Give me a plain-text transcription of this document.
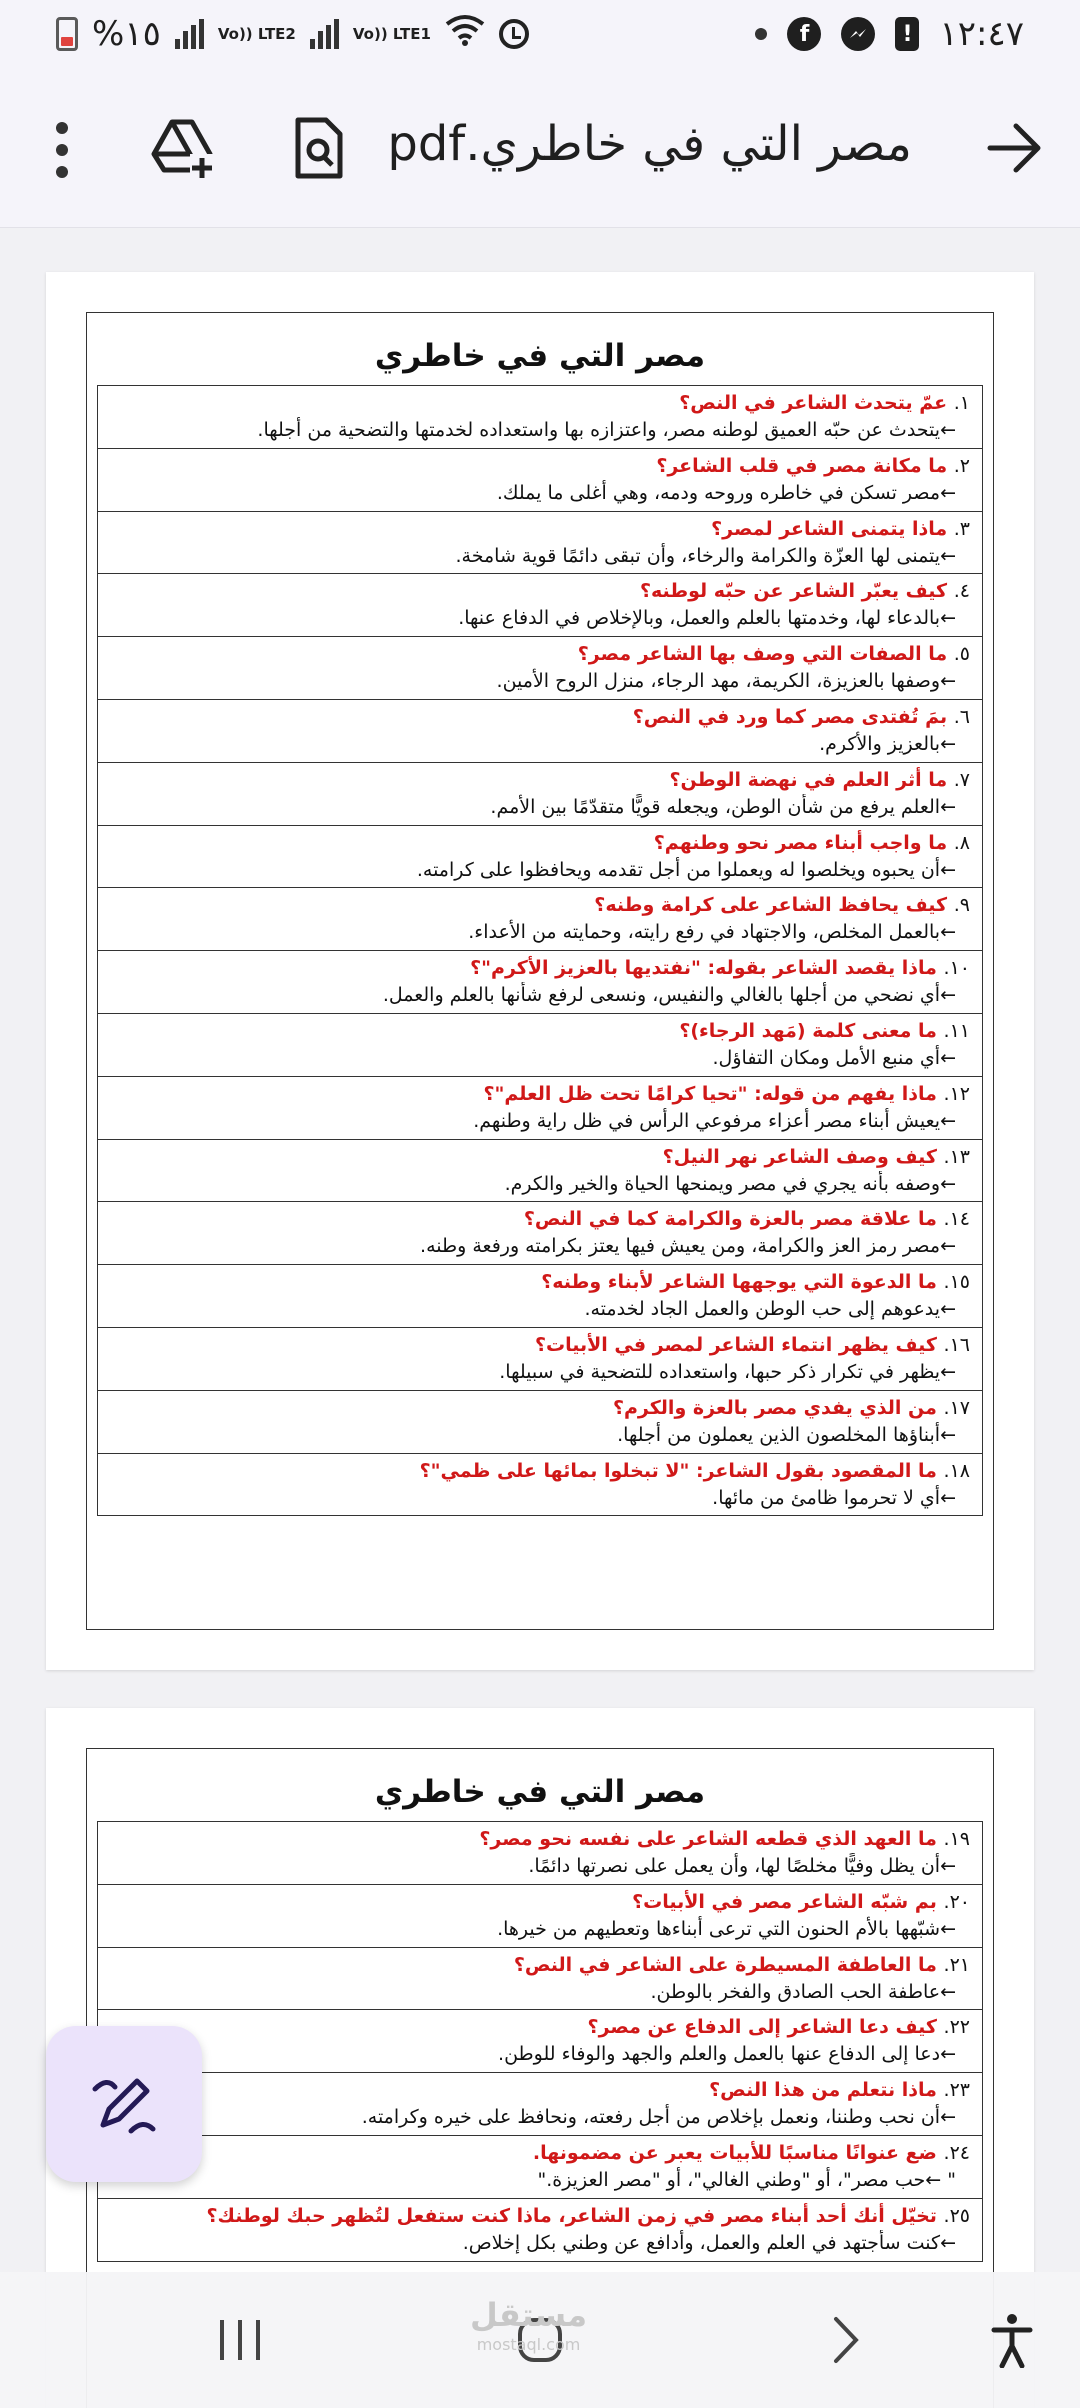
%١٥	Vo)) LTE2	Vo)) LTE1	f	! ١٢:٤٧
مصر التي في خاطري.pdf
مصر التي في خاطري
١. عمّ يتحدث الشاعر في النص؟
←يتحدث عن حبّه العميق لوطنه مصر، واعتزازه بها واستعداده لخدمتها والتضحية من أجلها.
٢. ما مكانة مصر في قلب الشاعر؟
←مصر تسكن في خاطره وروحه ودمه، وهي أغلى ما يملك.
٣. ماذا يتمنى الشاعر لمصر؟
←يتمنى لها العزّة والكرامة والرخاء، وأن تبقى دائمًا قوية شامخة.
٤. كيف يعبّر الشاعر عن حبّه لوطنه؟
←بالدعاء لها، وخدمتها بالعلم والعمل، وبالإخلاص في الدفاع عنها.
٥. ما الصفات التي وصف بها الشاعر مصر؟
←وصفها بالعزيزة، الكريمة، مهد الرجاء، منزل الروح الأمين.
٦. بمَ تُفتدى مصر كما ورد في النص؟
←بالعزيز والأكرم.
٧. ما أثر العلم في نهضة الوطن؟
←العلم يرفع من شأن الوطن، ويجعله قويًّا متقدّمًا بين الأمم.
٨. ما واجب أبناء مصر نحو وطنهم؟
←أن يحبوه ويخلصوا له ويعملوا من أجل تقدمه ويحافظوا على كرامته.
٩. كيف يحافظ الشاعر على كرامة وطنه؟
←بالعمل المخلص، والاجتهاد في رفع رايته، وحمايته من الأعداء.
١٠. ماذا يقصد الشاعر بقوله: "نفتديها بالعزيز الأكرم"؟
←أي نضحي من أجلها بالغالي والنفيس، ونسعى لرفع شأنها بالعلم والعمل.
١١. ما معنى كلمة (مَهد الرجاء)؟
←أي منبع الأمل ومكان التفاؤل.
١٢. ماذا يفهم من قوله: "تحيا كرامًا تحت ظل العلم"؟
←يعيش أبناء مصر أعزاء مرفوعي الرأس في ظل راية وطنهم.
١٣. كيف وصف الشاعر نهر النيل؟
←وصفه بأنه يجري في مصر ويمنحها الحياة والخير والكرم.
١٤. ما علاقة مصر بالعزة والكرامة كما في النص؟
←مصر رمز العز والكرامة، ومن يعيش فيها يعتز بكرامته ورفعة وطنه.
١٥. ما الدعوة التي يوجهها الشاعر لأبناء وطنه؟
←يدعوهم إلى حب الوطن والعمل الجاد لخدمته.
١٦. كيف يظهر انتماء الشاعر لمصر في الأبيات؟
←يظهر في تكرار ذكر حبها، واستعداده للتضحية في سبيلها.
١٧. من الذي يفدي مصر بالعزة والكرم؟
←أبناؤها المخلصون الذين يعملون من أجلها.
١٨. ما المقصود بقول الشاعر: "لا تبخلوا بمائها على ظمي"؟
←أي لا تحرموا ظامئ من مائها.
مصر التي في خاطري
١٩. ما العهد الذي قطعه الشاعر على نفسه نحو مصر؟
←أن يظل وفيًّا مخلصًا لها، وأن يعمل على نصرتها دائمًا.
٢٠. بم شبّه الشاعر مصر في الأبيات؟
←شبّهها بالأم الحنون التي ترعى أبناءها وتعطيهم من خيرها.
٢١. ما العاطفة المسيطرة على الشاعر في النص؟
←عاطفة الحب الصادق والفخر بالوطن.
٢٢. كيف دعا الشاعر إلى الدفاع عن مصر؟
←دعا إلى الدفاع عنها بالعمل والعلم والجهد والوفاء للوطن.
٢٣. ماذا نتعلم من هذا النص؟
←أن نحب وطننا، ونعمل بإخلاص من أجل رفعته، ونحافظ على خيره وكرامته.
٢٤. ضع عنوانًا مناسبًا للأبيات يعبر عن مضمونها.
" ←حب مصر"، أو "وطني الغالي"، أو "مصر العزيزة."
٢٥. تخيّل أنك أحد أبناء مصر في زمن الشاعر، ماذا كنت ستفعل لتُظهر حبك لوطنك؟
←كنت سأجتهد في العلم والعمل، وأدافع عن وطني بكل إخلاص.
مستقل
mostaql.com
